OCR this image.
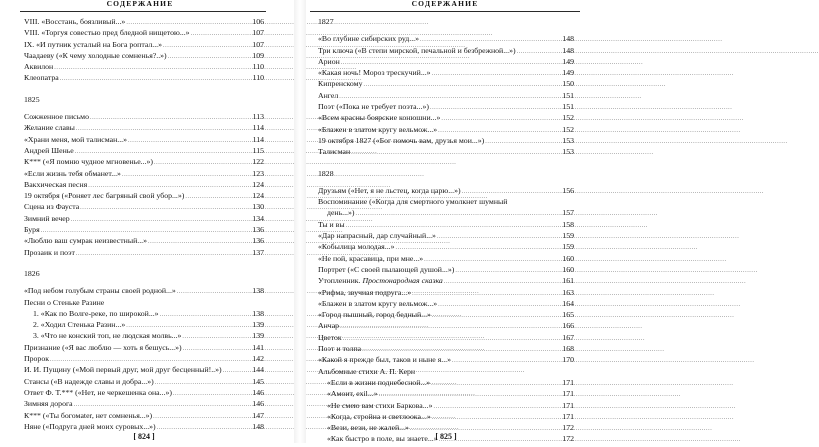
СОДЕРЖАНИЕ
VIII. «Восстань, боязливый...» .....	106
VIII. «Торгуя совестью пред бледной нищетою...» .....	107
IX. «И путник усталый на Бога роптал...» .....	107
Чаадаеву («К чему холодные сомненья?..») .....	109
Аквилон .....	110
Клеопатра .....	110
1825
Сожженное письмо .....	113
Желание славы .....	114
«Храни меня, мой талисман...» .....	114
Андрей Шенье .....	115
К*** («Я помню чудное мгновенье...») .....	122
«Если жизнь тебя обманет...» .....	123
Вакхическая песня .....	124
19 октября («Роняет лес багряный свой убор...») .....	124
Сцена из Фауста .....	130
Зимний вечер .....	134
Буря .....	136
«Люблю ваш сумрак неизвестный...» .....	136
Прозаик и поэт .....	137
1826
«Под небом голубым страны своей родной...» .....	138
Песни о Стеньке Разине
1. «Как по Волге-реке, по широкой...» .....	138
2. «Ходил Стенька Разин...» .....	139
3. «Что не конский топ, не людская молвь...» .....	139
Признание («Я вас люблю — хоть я бешусь...») .....	141
Пророк .....	142
И. И. Пущину («Мой первый друг, мой друг бесценный!..») .....	144
Стансы («В надежде славы и добра...») .....	145
Ответ Ф. Т.*** («Нет, не черкешенка она...») .....	146
Зимняя дорога .....	146
К*** («Ты богомater, нет сомненья...») .....	147
Няне («Подруга дней моих суровых...») .....	148
[ 824 ]
СОДЕРЖАНИЕ
1827
«Во глубине сибирских руд...» .....	148
Три ключа («В степи мирской, печальной и безбрежной...») .....	148
Арион .....	149
«Какая ночь! Мороз трескучий...» .....	149
Кипренскому .....	150
Ангел .....	151
Поэт («Пока не требует поэта...») .....	151
«Всем красны боярские конюшни...» .....	152
«Блажен в златом кругу вельмож...» .....	152
19 октября 1827 («Бог помочь вам, друзья мои...») .....	153
Талисман .....	153
1828
Друзьям («Нет, я не льстец, когда царю...») .....	156
Воспоминание («Когда для смертного умолкнет шумный
день...») .....	157
Ты и вы .....	158
«Дар напрасный, дар случайный...» .....	159
«Кобылица молодая...» .....	159
«Не пой, красавица, при мне...» .....	160
Портрет («С своей пылающей душой...») .....	160
Утопленник. Простонародная сказка .....	161
«Рифма, звучная подруга...» .....	163
«Блажен в златом кругу вельмож...» .....	164
«Город пышный, город бедный...» .....	165
Анчар .....	166
Цветок .....	167
Поэт и толпа .....	168
«Какой я прежде был, таков и ныне я...» .....	170
Альбомные стихи А. П. Керн
«Если в жизни поднебесной...» .....	171
«Амоит, ехіl...» .....	171
«Не смею вам стихи Баркова...» .....	171
«Когда, стройна и светлоока...» .....	171
«Вези, вези, не жалей...» .....	172
«Как быстро в поле, вы знаете...» .....	172
[ 825 ]
